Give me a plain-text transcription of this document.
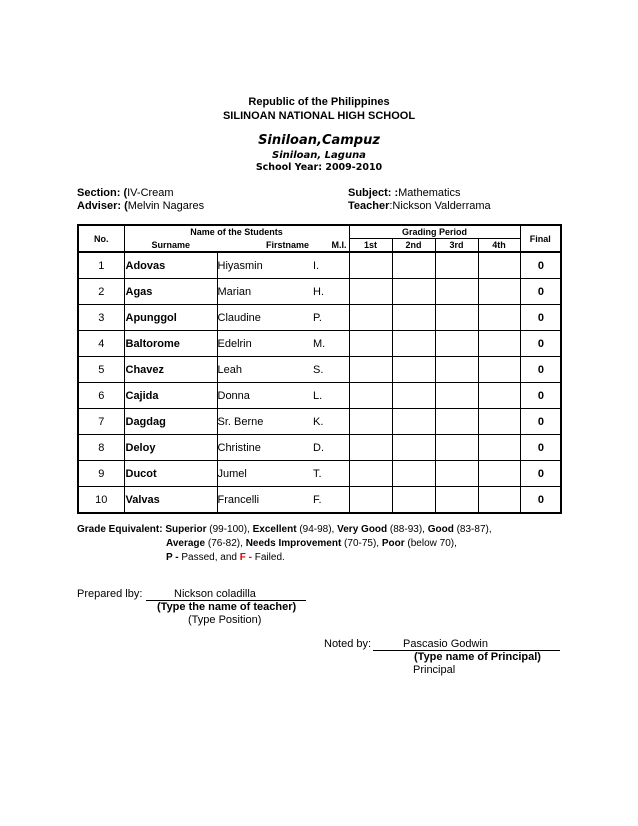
Republic of the Philippines
SILINOAN NATIONAL HIGH SCHOOL
Siniloan,Campuz
Siniloan, Laguna
School Year: 2009-2010
Section: (IV-Cream
Adviser: (Melvin Nagares
Subject: :Mathematics
Teacher:Nickson Valderrama
No.	Name of the Students			Grading Period				Final
	Surname	Firstname	M.I.	1st	2nd	3rd	4th	
1	Adovas	Hiyasmin	I.					0
2	Agas	Marian	H.					0
3	Apunggol	Claudine	P.					0
4	Baltorome	Edelrin	M.					0
5	Chavez	Leah	S.					0
6	Cajida	Donna	L.					0
7	Dagdag	Sr. Berne	K.					0
8	Deloy	Christine	D.					0
9	Ducot	Jumel	T.					0
10	Valvas	Francelli	F.					0
Grade Equivalent: Superior (99-100), Excellent (94-98), Very Good (88-93), Good (83-87),
Average (76-82), Needs Improvement (70-75), Poor (below 70),
P - Passed, and F - Failed.
Prepared lby:	Nickson coladilla
(Type the name of teacher)
(Type Position)
Noted by:	Pascasio Godwin
(Type name of Principal)
Principal
